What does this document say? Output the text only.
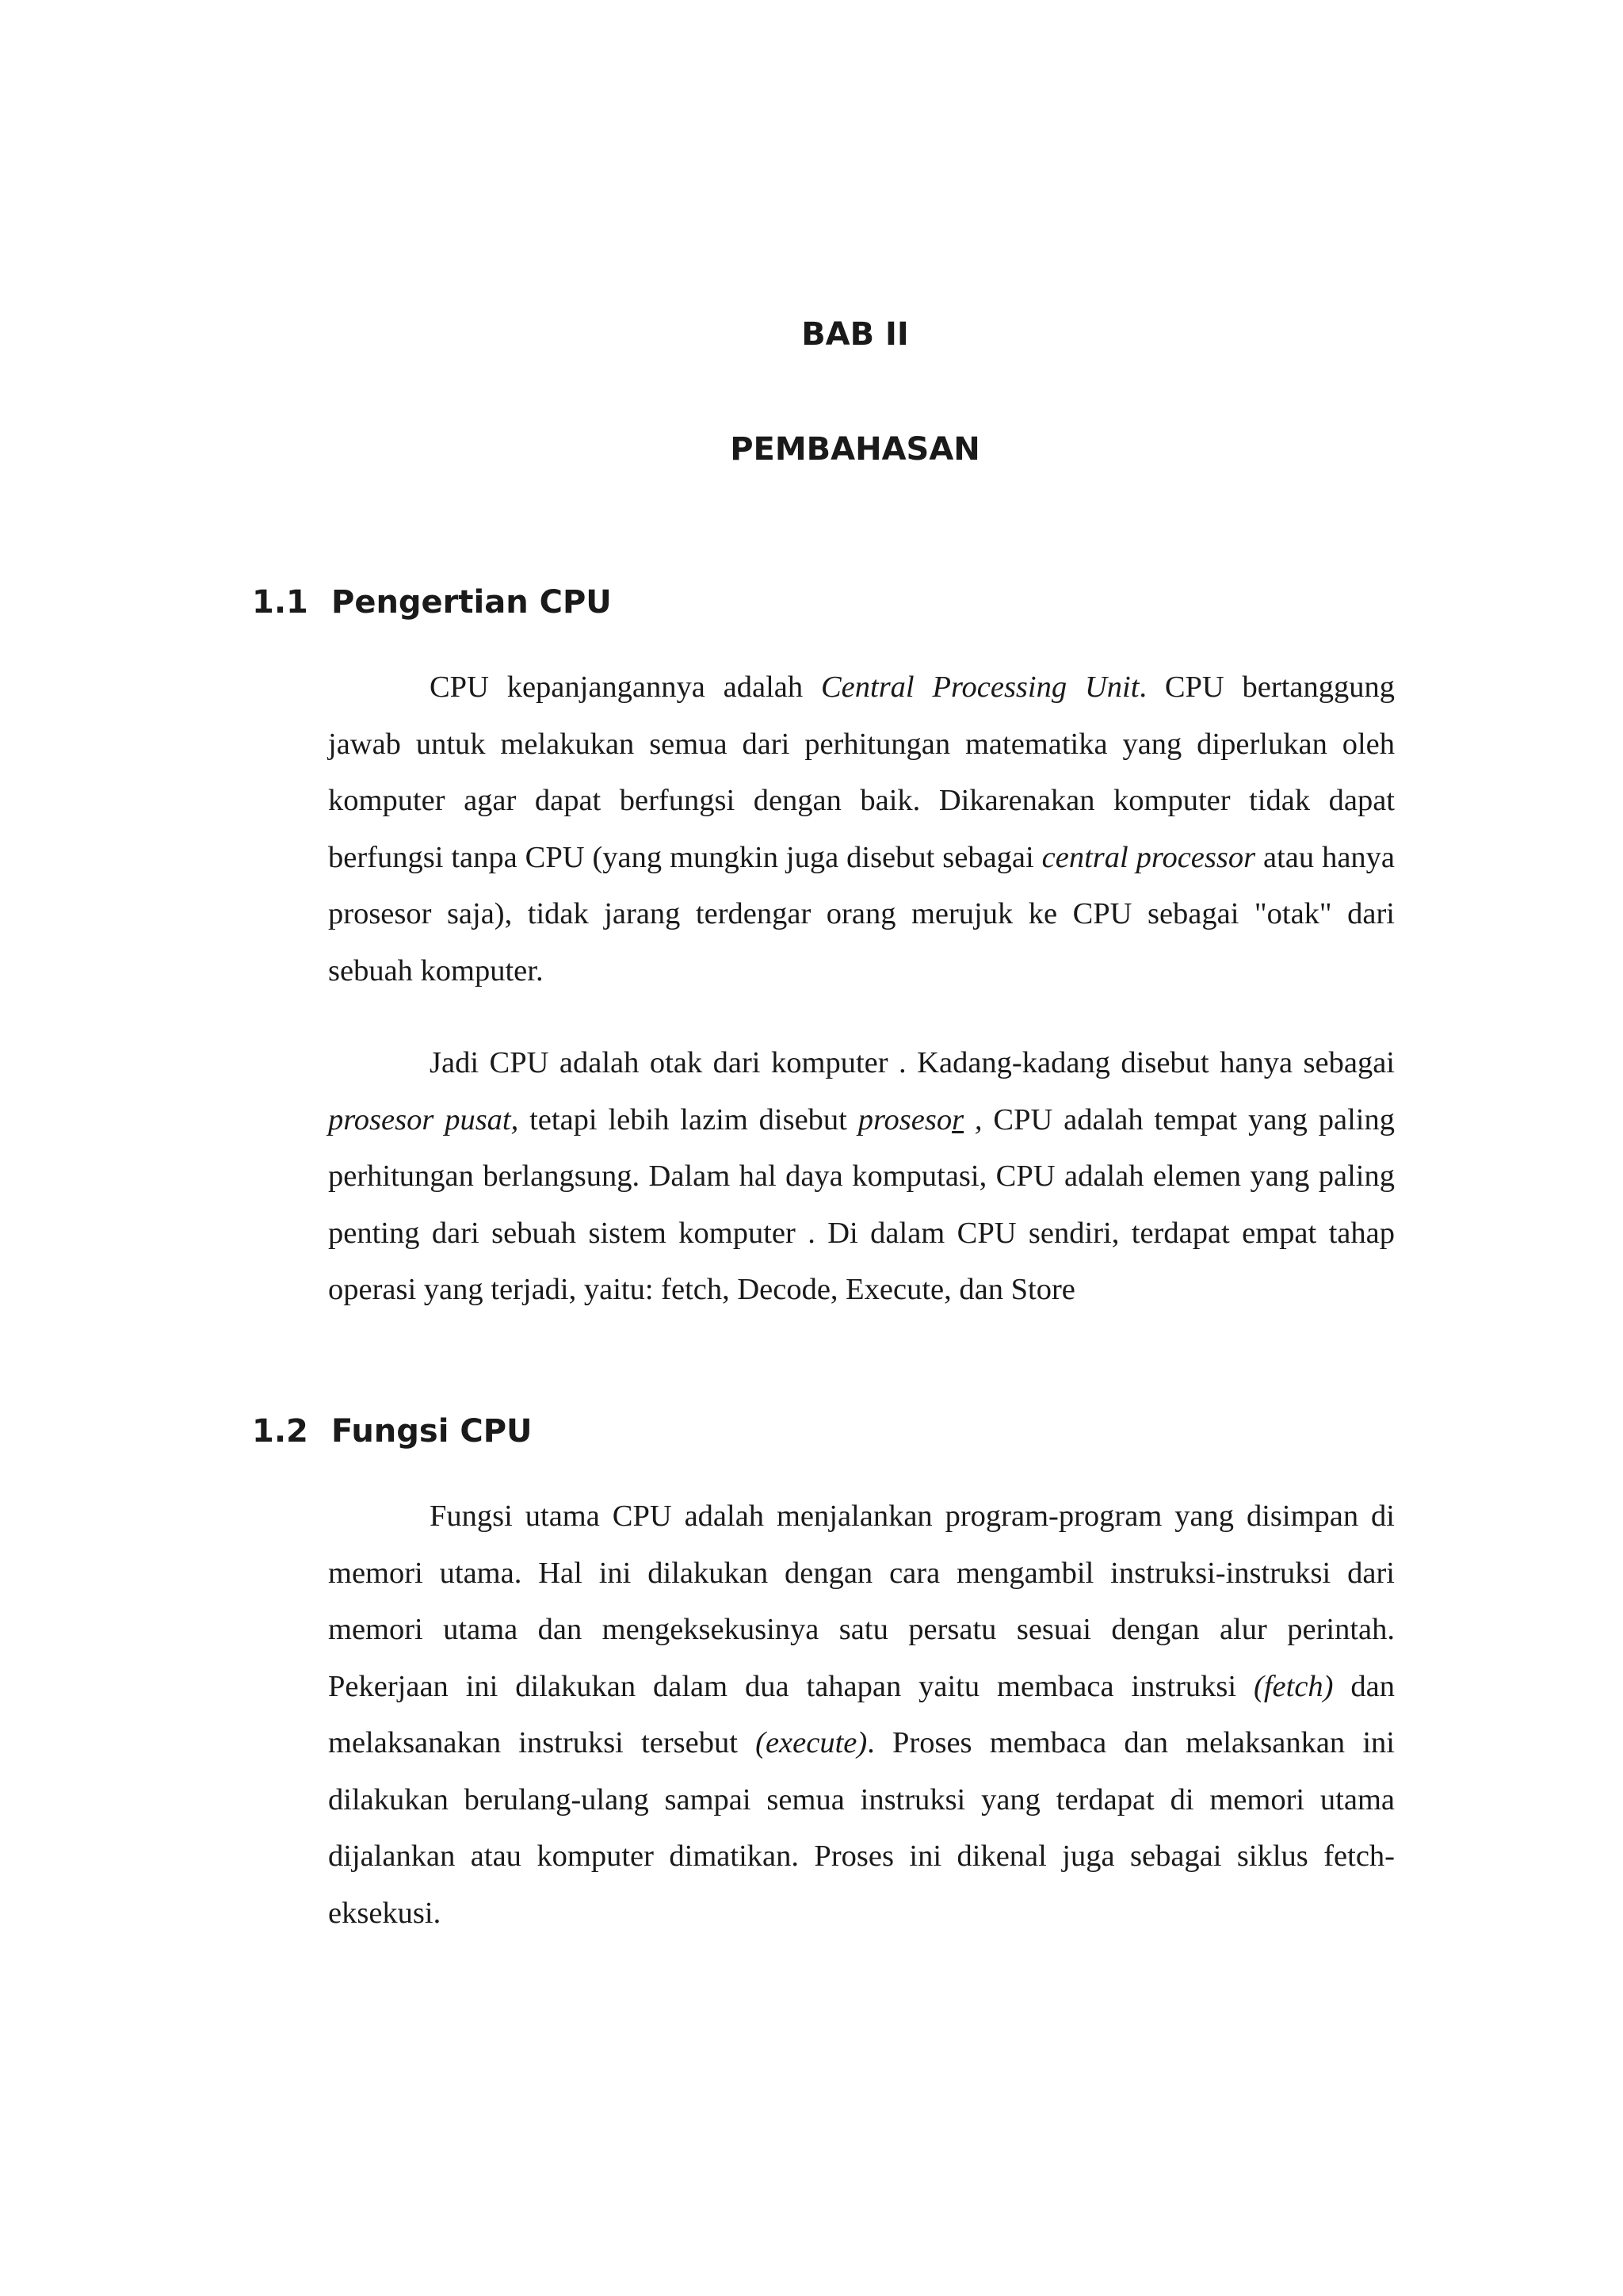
BAB II
PEMBAHASAN
1.1 Pengertian CPU

CPU kepanjangannya adalah Central Processing Unit. CPU bertanggung jawab untuk melakukan semua dari perhitungan matematika yang diperlukan oleh komputer agar dapat berfungsi dengan baik. Dikarenakan komputer tidak dapat berfungsi tanpa CPU (yang mungkin juga disebut sebagai central processor atau hanya prosesor saja), tidak jarang terdengar orang merujuk ke CPU sebagai "otak" dari sebuah komputer.

Jadi CPU adalah otak dari komputer . Kadang-kadang disebut hanya sebagai prosesor pusat, tetapi lebih lazim disebut prosesor , CPU adalah tempat yang paling perhitungan berlangsung. Dalam hal daya komputasi, CPU adalah elemen yang paling penting dari sebuah sistem komputer . Di dalam CPU sendiri, terdapat empat tahap operasi yang terjadi, yaitu: fetch, Decode, Execute, dan Store

1.2 Fungsi CPU

Fungsi utama CPU adalah menjalankan program-program yang disimpan di memori utama. Hal ini dilakukan dengan cara mengambil instruksi-instruksi dari memori utama dan mengeksekusinya satu persatu sesuai dengan alur perintah. Pekerjaan ini dilakukan dalam dua tahapan yaitu membaca instruksi (fetch) dan melaksanakan instruksi tersebut (execute). Proses membaca dan melaksankan ini dilakukan berulang-ulang sampai semua instruksi yang terdapat di memori utama dijalankan atau komputer dimatikan. Proses ini dikenal juga sebagai siklus fetch-eksekusi.
